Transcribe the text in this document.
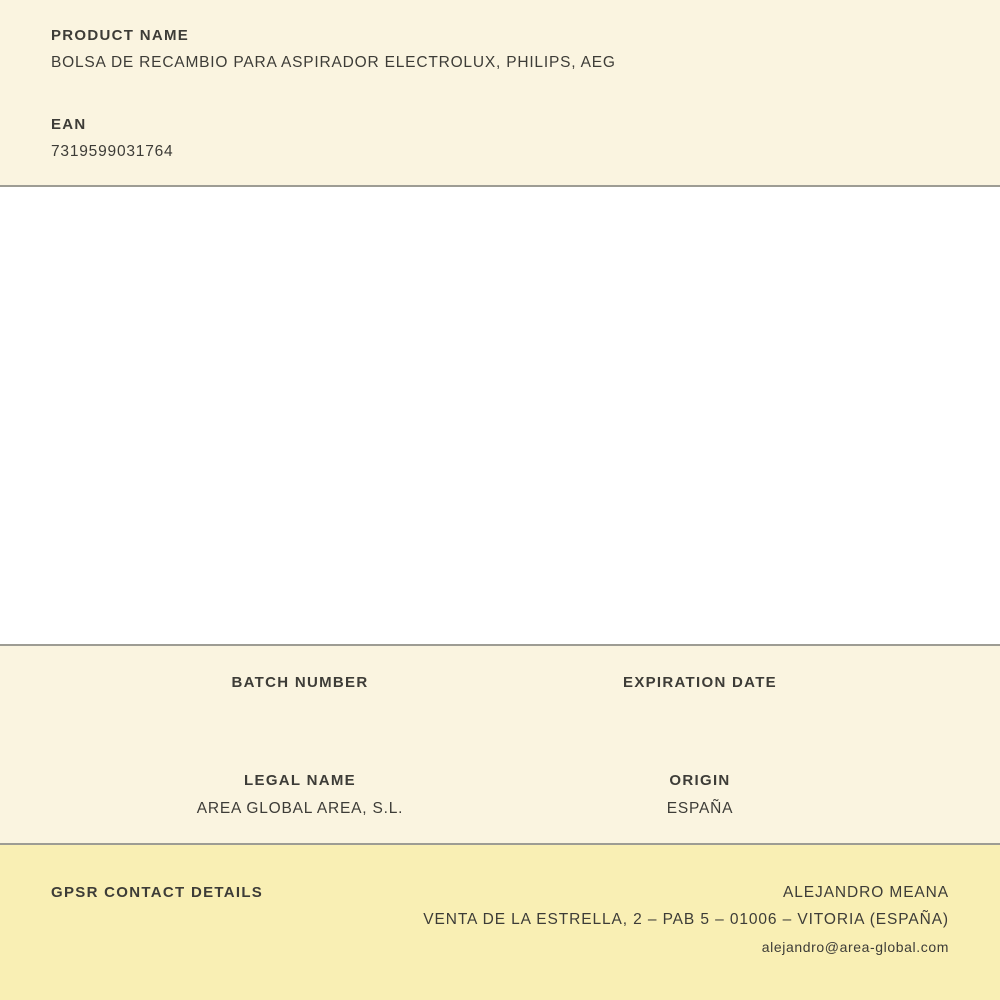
PRODUCT NAME
BOLSA DE RECAMBIO PARA ASPIRADOR ELECTROLUX, PHILIPS, AEG
EAN
7319599031764
BATCH NUMBER	EXPIRATION DATE
LEGAL NAME
AREA GLOBAL AREA, S.L.
ORIGIN
ESPAÑA
GPSR CONTACT DETAILS	ALEJANDRO MEANA
VENTA DE LA ESTRELLA, 2 – PAB 5 – 01006 – VITORIA (ESPAÑA)
alejandro@area-global.com
